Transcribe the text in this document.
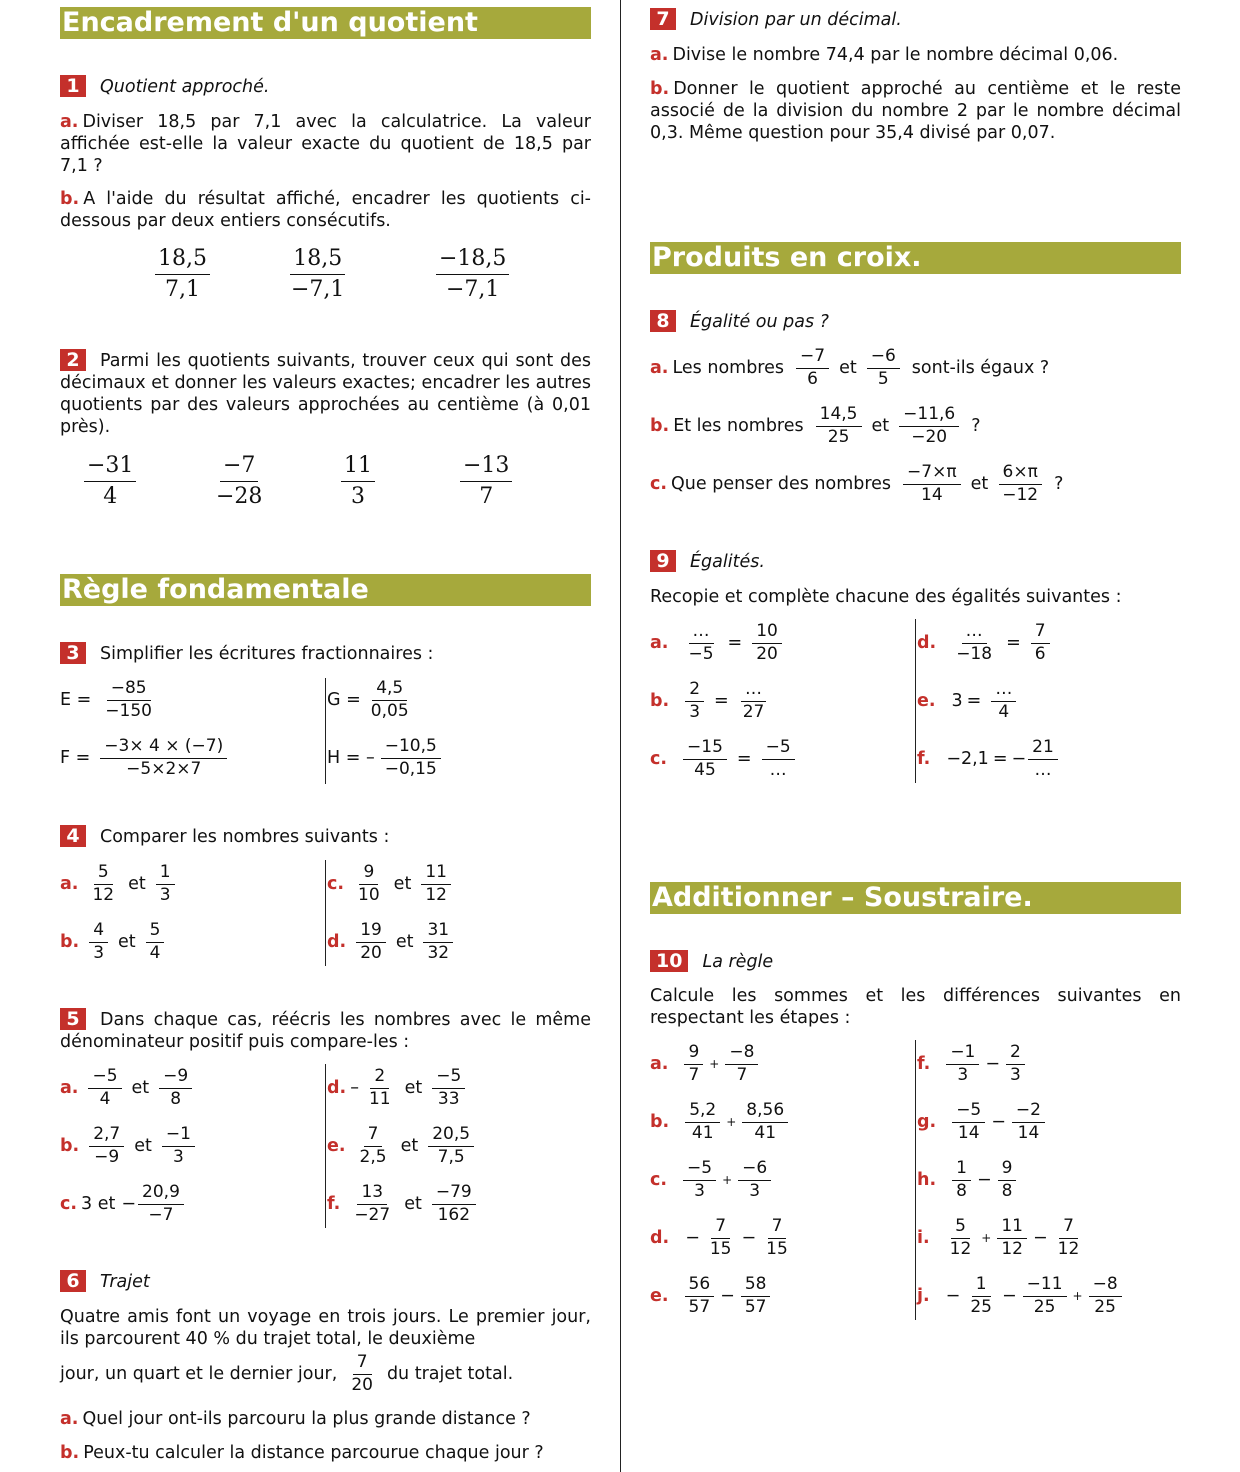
Encadrement d'un quotient
1 Quotient approché.
a. Diviser 18,5 par 7,1 avec la calculatrice. La valeur affichée est-elle la valeur exacte du quotient de 18,5 par 7,1 ?
b. A l'aide du résultat affiché, encadrer les quotients ci-dessous par deux entiers consécutifs.
$\frac{18,5}{7,1}$	$\frac{18,5}{-7,1}$	$\frac{-18,5}{-7,1}$
2 Parmi les quotients suivants, trouver ceux qui sont des décimaux et donner les valeurs exactes; encadrer les autres quotients par des valeurs approchées au centième (à 0,01 près).
$\frac{-31}{4}$	$\frac{-7}{-28}$	$\frac{11}{3}$	$\frac{-13}{7}$
Règle fondamentale
3 Simplifier les écritures fractionnaires :
$E = \frac{-85}{-150}$
$F = \frac{-3\times 4 \times (-7)}{-5\times 2\times 7}$
$G = \frac{4,5}{0,05}$
H = –
−10,5
−0,15
4 Comparer les nombres suivants :
a.
5
12
et
1
3
b.
4
3
et
5
4
c.
9
10
et
11
12
d.
19
20
et
31
32
5 Dans chaque cas, réécris les nombres avec le même dénominateur positif puis compare-les :
a.
−5
4
et
−9
8
b.
2,7
−9
et
−1
3
c. 3 et − $\frac{20,9}{-7}$
d. –
2
11
et
−5
33
e.
7
2,5
et
20,5
7,5
f.
13
−27
et
−79
162
6 Trajet
Quatre amis font un voyage en trois jours. Le premier jour, ils parcourent 40 % du trajet total, le deuxième
jour, un quart et le dernier jour,
7
20
du trajet total.
a. Quel jour ont-ils parcouru la plus grande distance ?
b. Peux-tu calculer la distance parcourue chaque jour ?
7 Division par un décimal.
a. Divise le nombre 74,4 par le nombre décimal 0,06.
b. Donner le quotient approché au centième et le reste associé de la division du nombre 2 par le nombre décimal 0,3. Même question pour 35,4 divisé par 0,07.
Produits en croix.
8 Égalité ou pas ?
a. Les nombres
−7
6
et
−6
5
sont-ils égaux ?
b. Et les nombres
14,5
25
et
−11,6
−20
?
c. Que penser des nombres
−7×π
14
et
6×π
−12
?
9 Égalités.
Recopie et complète chacune des égalités suivantes :
a.
…
−5
= $\frac{10}{20}$
b. $\frac{2}{3}$ =
…
27
c. $\frac{-15}{45}$ =
−5
…
d.
…
−18
= $\frac{7}{6}$
e. 3 =
…
4
f. −2,1 = −
21
…
Additionner – Soustraire.
10 La règle
Calcule les sommes et les différences suivantes en respectant les étapes :
a.
9
7
+ $\frac{-8}{7}$
b.
5,2
41
+ $\frac{8,56}{41}$
c.
−5
3
+ $\frac{-6}{3}$
d. − $\frac{7}{15} - \frac{7}{15}$
e.
56
57
− $\frac{58}{57}$
f.
−1
3
− $\frac{2}{3}$
g.
−5
14
− $\frac{-2}{14}$
h.
1
8
− $\frac{9}{8}$
i.
5
12
+ $\frac{11}{12} - \frac{7}{12}$
j. − $\frac{1}{25} - \frac{-11}{25} + \frac{-8}{25}$
